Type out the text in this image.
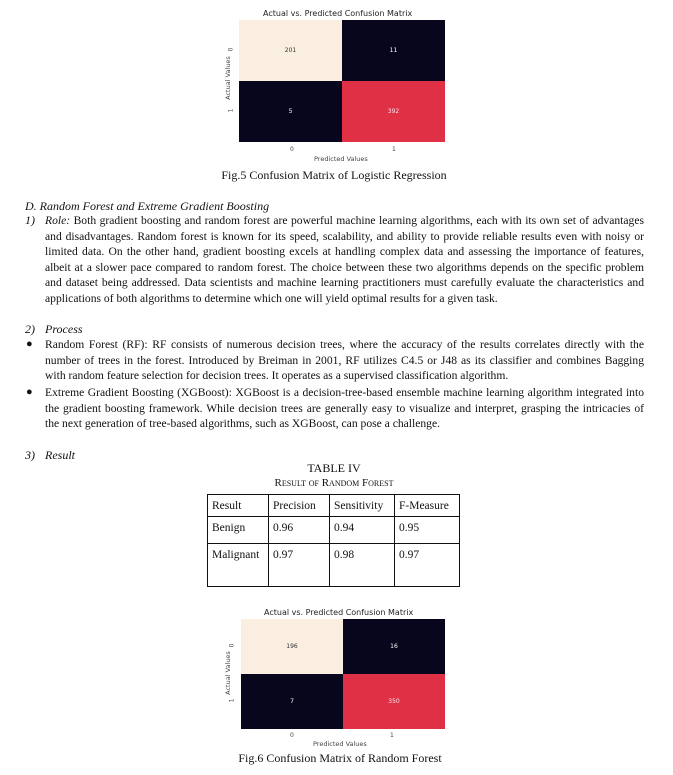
Actual vs. Predicted Confusion Matrix
Actual Values
0
1
201	11
5	392
0	1
Predicted Values
Fig.5 Confusion Matrix of Logistic Regression
D. Random Forest and Extreme Gradient Boosting
1) Role: Both gradient boosting and random forest are powerful machine learning algorithms, each with its own set of advantages and disadvantages. Random forest is known for its speed, scalability, and ability to provide reliable results even with noisy or limited data. On the other hand, gradient boosting excels at handling complex data and assessing the importance of features, albeit at a slower pace compared to random forest. The choice between these two algorithms depends on the specific problem and dataset being addressed. Data scientists and machine learning practitioners must carefully evaluate the characteristics and applications of both algorithms to determine which one will yield optimal results for a given task.
2) Process
● Random Forest (RF): RF consists of numerous decision trees, where the accuracy of the results correlates directly with the number of trees in the forest. Introduced by Breiman in 2001, RF utilizes C4.5 or J48 as its classifier and combines Bagging with random feature selection for decision trees. It operates as a supervised classification algorithm.
● Extreme Gradient Boosting (XGBoost): XGBoost is a decision-tree-based ensemble machine learning algorithm integrated into the gradient boosting framework. While decision trees are generally easy to visualize and interpret, grasping the intricacies of the next generation of tree-based algorithms, such as XGBoost, can pose a challenge.
3) Result
TABLE IV
Result of Random Forest
Result	Precision	Sensitivity	F-Measure
Benign	0.96	0.94	0.95
Malignant	0.97	0.98	0.97
Actual vs. Predicted Confusion Matrix
Actual Values
0
1
196	16
7	350
0	1
Predicted Values
Fig.6 Confusion Matrix of Random Forest
